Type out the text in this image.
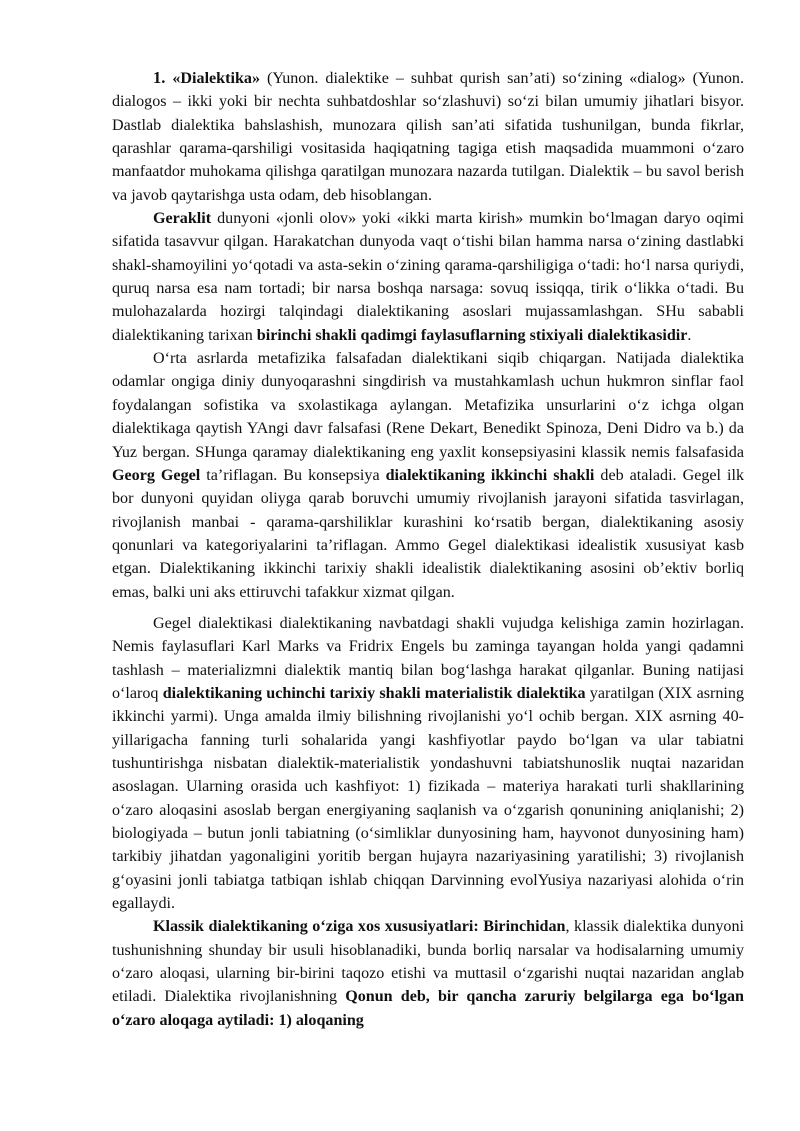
1. «Dialektika» (Yunon. dialektike – suhbat qurish san’ati) so‘zining «dialog» (Yunon. dialogos – ikki yoki bir nechta suhbatdoshlar so‘zlashuvi) so‘zi bilan umumiy jihatlari bisyor. Dastlab dialektika bahslashish, munozara qilish san’ati sifatida tushunilgan, bunda fikrlar, qarashlar qarama-qarshiligi vositasida haqiqatning tagiga etish maqsadida muammoni o‘zaro manfaatdor muhokama qilishga qaratilgan munozara nazarda tutilgan. Dialektik – bu savol berish va javob qaytarishga usta odam, deb hisoblangan.

Geraklit dunyoni «jonli olov» yoki «ikki marta kirish» mumkin bo‘lmagan daryo oqimi sifatida tasavvur qilgan. Harakatchan dunyoda vaqt o‘tishi bilan hamma narsa o‘zining dastlabki shakl-shamoyilini yo‘qotadi va asta-sekin o‘zining qarama-qarshiligiga o‘tadi: ho‘l narsa quriydi, quruq narsa esa nam tortadi; bir narsa boshqa narsaga: sovuq issiqqa, tirik o‘likka o‘tadi. Bu mulohazalarda hozirgi talqindagi dialektikaning asoslari mujassamlashgan. SHu sababli dialektikaning tarixan birinchi shakli qadimgi faylasuflarning stixiyali dialektikasidir.

O‘rta asrlarda metafizika falsafadan dialektikani siqib chiqargan. Natijada dialektika odamlar ongiga diniy dunyoqarashni singdirish va mustahkamlash uchun hukmron sinflar faol foydalangan sofistika va sxolastikaga aylangan. Metafizika unsurlarini o‘z ichga olgan dialektikaga qaytish YAngi davr falsafasi (Rene Dekart, Benedikt Spinoza, Deni Didro va b.) da Yuz bergan. SHunga qaramay dialektikaning eng yaxlit konsepsiyasini klassik nemis falsafasida Georg Gegel ta’riflagan. Bu konsepsiya dialektikaning ikkinchi shakli deb ataladi. Gegel ilk bor dunyoni quyidan oliyga qarab boruvchi umumiy rivojlanish jarayoni sifatida tasvirlagan, rivojlanish manbai - qarama-qarshiliklar kurashini ko‘rsatib bergan, dialektikaning asosiy qonunlari va kategoriyalarini ta’riflagan. Ammo Gegel dialektikasi idealistik xususiyat kasb etgan. Dialektikaning ikkinchi tarixiy shakli idealistik dialektikaning asosini ob’ektiv borliq emas, balki uni aks ettiruvchi tafakkur xizmat qilgan.

Gegel dialektikasi dialektikaning navbatdagi shakli vujudga kelishiga zamin hozirlagan. Nemis faylasuflari Karl Marks va Fridrix Engels bu zaminga tayangan holda yangi qadamni tashlash – materializmni dialektik mantiq bilan bog‘lashga harakat qilganlar. Buning natijasi o‘laroq dialektikaning uchinchi tarixiy shakli materialistik dialektika yaratilgan (XIX asrning ikkinchi yarmi). Unga amalda ilmiy bilishning rivojlanishi yo‘l ochib bergan. XIX asrning 40-yillarigacha fanning turli sohalarida yangi kashfiyotlar paydo bo‘lgan va ular tabiatni tushuntirishga nisbatan dialektik-materialistik yondashuvni tabiatshunoslik nuqtai nazaridan asoslagan. Ularning orasida uch kashfiyot: 1) fizikada – materiya harakati turli shakllarining o‘zaro aloqasini asoslab bergan energiyaning saqlanish va o‘zgarish qonunining aniqlanishi; 2) biologiyada – butun jonli tabiatning (o‘simliklar dunyosining ham, hayvonot dunyosining ham) tarkibiy jihatdan yagonaligini yoritib bergan hujayra nazariyasining yaratilishi; 3) rivojlanish g‘oyasini jonli tabiatga tatbiqan ishlab chiqqan Darvinning evolYusiya nazariyasi alohida o‘rin egallaydi.

Klassik dialektikaning o‘ziga xos xususiyatlari: Birinchidan, klassik dialektika dunyoni tushunishning shunday bir usuli hisoblanadiki, bunda borliq narsalar va hodisalarning umumiy o‘zaro aloqasi, ularning bir-birini taqozo etishi va muttasil o‘zgarishi nuqtai nazaridan anglab etiladi. Dialektika rivojlanishning Qonun deb, bir qancha zaruriy belgilarga ega bo‘lgan o‘zaro aloqaga aytiladi: 1) aloqaning
